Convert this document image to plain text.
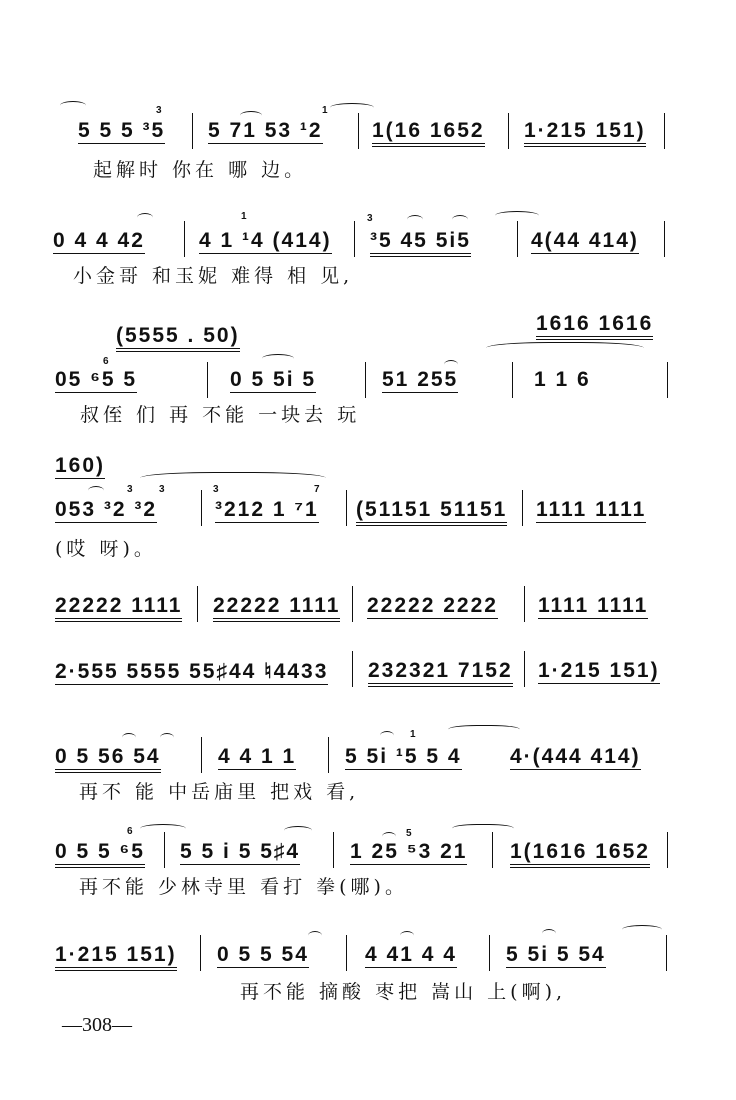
3	1
5 5 5 ³5 5 71 53 ¹2 1(16 1652 1·215 151)
起解时 你在 哪 边。
1	3
0 4 4 42	4 1 ¹4 (414) ³5 45 5i5	4(44 414)
小金哥 和玉妮 难得 相 见,
(5555 . 50)
1616 1616
6
05 ⁶5 5	0 5 5i 5	51 255	1 1 6
叔侄 们 再 不能 一块去 玩
160)
3	3	3	7
053 ³2 ³2	³212 1 ⁷1 (51151 51151 1111 1111
(哎 呀)。
22222 1111 22222 1111 22222 2222 1111 1111
2·555 5555 55♯44 ♮4433 232321 7152 1·215 151)
1
0 5 56 54	4 4 1 1 5 5i ¹5 5 4 4·(444 414)
再不 能 中岳庙里 把戏 看,
6	5
0 5 5 ⁶5 5 5 i 5 5♯4 1 25 ⁵3 21 1(1616 1652
再不能 少林寺里 看打 拳(哪)。
1·215 151) 0 5 5 54	4 41 4 4 5 5i 5 54
再不能 摘酸 枣把 嵩山 上(啊),
—308—
